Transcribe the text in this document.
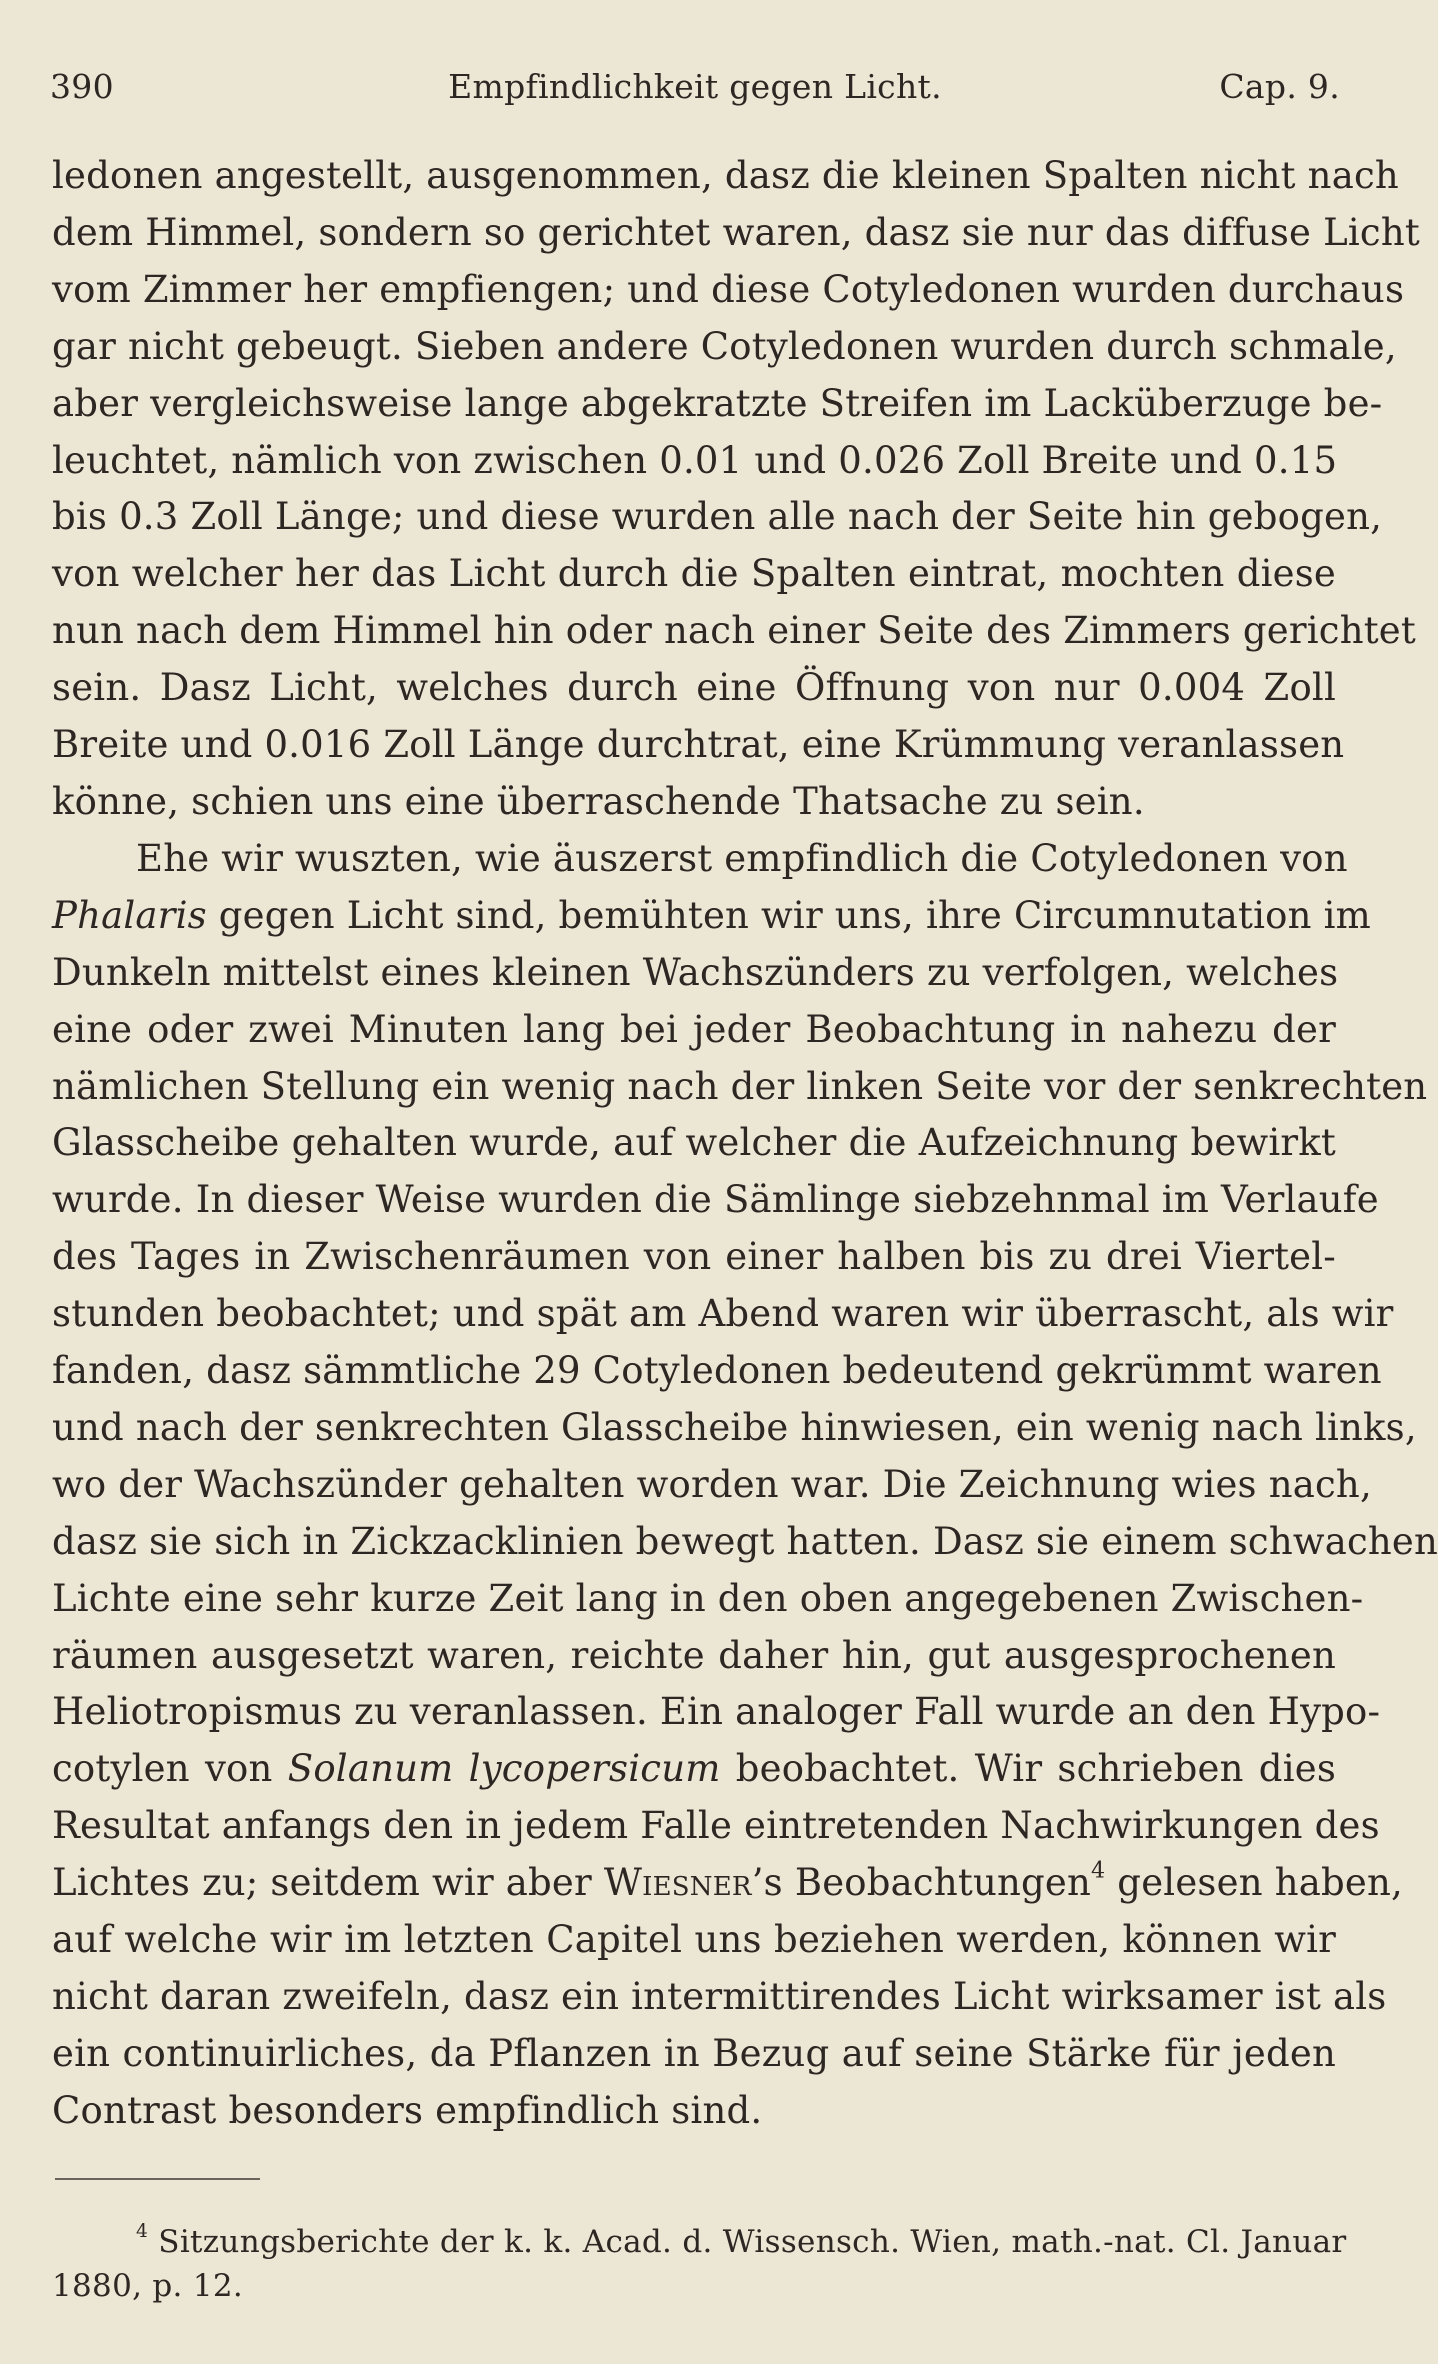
390	Empfindlichkeit gegen Licht.	Cap. 9.
ledonen angestellt, ausgenommen, dasz die kleinen Spalten nicht nach
dem Himmel, sondern so gerichtet waren, dasz sie nur das diffuse Licht
vom Zimmer her empfiengen; und diese Cotyledonen wurden durchaus
gar nicht gebeugt. Sieben andere Cotyledonen wurden durch schmale,
aber vergleichsweise lange abgekratzte Streifen im Lacküberzuge be-
leuchtet, nämlich von zwischen 0.01 und 0.026 Zoll Breite und 0.15
bis 0.3 Zoll Länge; und diese wurden alle nach der Seite hin gebogen,
von welcher her das Licht durch die Spalten eintrat, mochten diese
nun nach dem Himmel hin oder nach einer Seite des Zimmers gerichtet
sein. Dasz Licht, welches durch eine Öffnung von nur 0.004 Zoll
Breite und 0.016 Zoll Länge durchtrat, eine Krümmung veranlassen
könne, schien uns eine überraschende Thatsache zu sein.
Ehe wir wuszten, wie äuszerst empfindlich die Cotyledonen von
Phalaris gegen Licht sind, bemühten wir uns, ihre Circumnutation im
Dunkeln mittelst eines kleinen Wachszünders zu verfolgen, welches
eine oder zwei Minuten lang bei jeder Beobachtung in nahezu der
nämlichen Stellung ein wenig nach der linken Seite vor der senkrechten
Glasscheibe gehalten wurde, auf welcher die Aufzeichnung bewirkt
wurde. In dieser Weise wurden die Sämlinge siebzehnmal im Verlaufe
des Tages in Zwischenräumen von einer halben bis zu drei Viertel-
stunden beobachtet; und spät am Abend waren wir überrascht, als wir
fanden, dasz sämmtliche 29 Cotyledonen bedeutend gekrümmt waren
und nach der senkrechten Glasscheibe hinwiesen, ein wenig nach links,
wo der Wachszünder gehalten worden war. Die Zeichnung wies nach,
dasz sie sich in Zickzacklinien bewegt hatten. Dasz sie einem schwachen
Lichte eine sehr kurze Zeit lang in den oben angegebenen Zwischen-
räumen ausgesetzt waren, reichte daher hin, gut ausgesprochenen
Heliotropismus zu veranlassen. Ein analoger Fall wurde an den Hypo-
cotylen von Solanum lycopersicum beobachtet. Wir schrieben dies
Resultat anfangs den in jedem Falle eintretenden Nachwirkungen des
Lichtes zu; seitdem wir aber Wiesner’s Beobachtungen$^4$ gelesen haben,
auf welche wir im letzten Capitel uns beziehen werden, können wir
nicht daran zweifeln, dasz ein intermittirendes Licht wirksamer ist als
ein continuirliches, da Pflanzen in Bezug auf seine Stärke für jeden
Contrast besonders empfindlich sind.
$^4$ Sitzungsberichte der k. k. Acad. d. Wissensch. Wien, math.-nat. Cl. Januar
1880, p. 12.
